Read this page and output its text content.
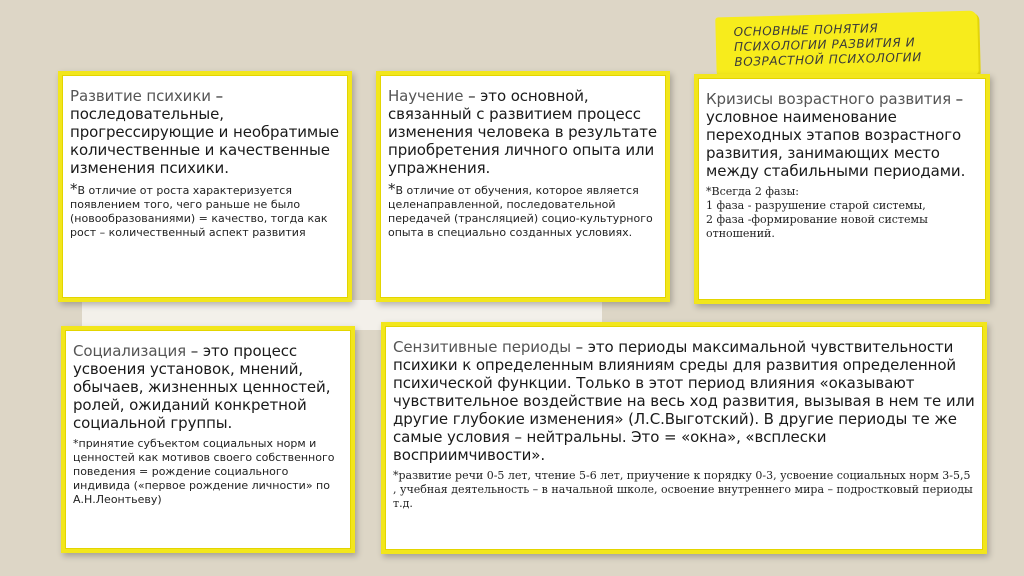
ОСНОВНЫЕ ПОНЯТИЯ
ПСИХОЛОГИИ РАЗВИТИЯ И
ВОЗРАСТНОЙ ПСИХОЛОГИИ
Развитие психики – последовательные, прогрессирующие и необратимые количественные и качественные изменения психики.
*В отличие от роста характеризуется появлением того, чего раньше не было (новообразованиями) = качество, тогда как рост – количественный аспект развития
Научение – это основной, связанный с развитием процесс изменения человека в результате приобретения личного опыта или упражнения.
*В отличие от обучения, которое является целенаправленной, последовательной передачей (трансляцией) социо-культурного опыта в специально созданных условиях.
Кризисы возрастного развития – условное наименование переходных этапов возрастного развития, занимающих место между стабильными периодами.
*Всегда 2 фазы:
1 фаза - разрушение старой системы,
2 фаза -формирование новой системы отношений.
Социализация – это процесс усвоения установок, мнений, обычаев, жизненных ценностей, ролей, ожиданий конкретной социальной группы.
*принятие субъектом социальных норм и ценностей как мотивов своего собственного поведения = рождение социального индивида («первое рождение личности» по А.Н.Леонтьеву)
Сензитивные периоды – это периоды максимальной чувствительности психики к определенным влияниям среды для развития определенной психической функции. Только в этот период влияния «оказывают чувствительное воздействие на весь ход развития, вызывая в нем те или другие глубокие изменения» (Л.С.Выготский). В другие периоды те же самые условия – нейтральны. Это = «окна», «всплески восприимчивости».
*развитие речи 0-5 лет, чтение 5-6 лет, приучение к порядку 0-3, усвоение социальных норм 3-5,5 , учебная деятельность – в начальной школе, освоение внутреннего мира – подростковый периоды т.д.
